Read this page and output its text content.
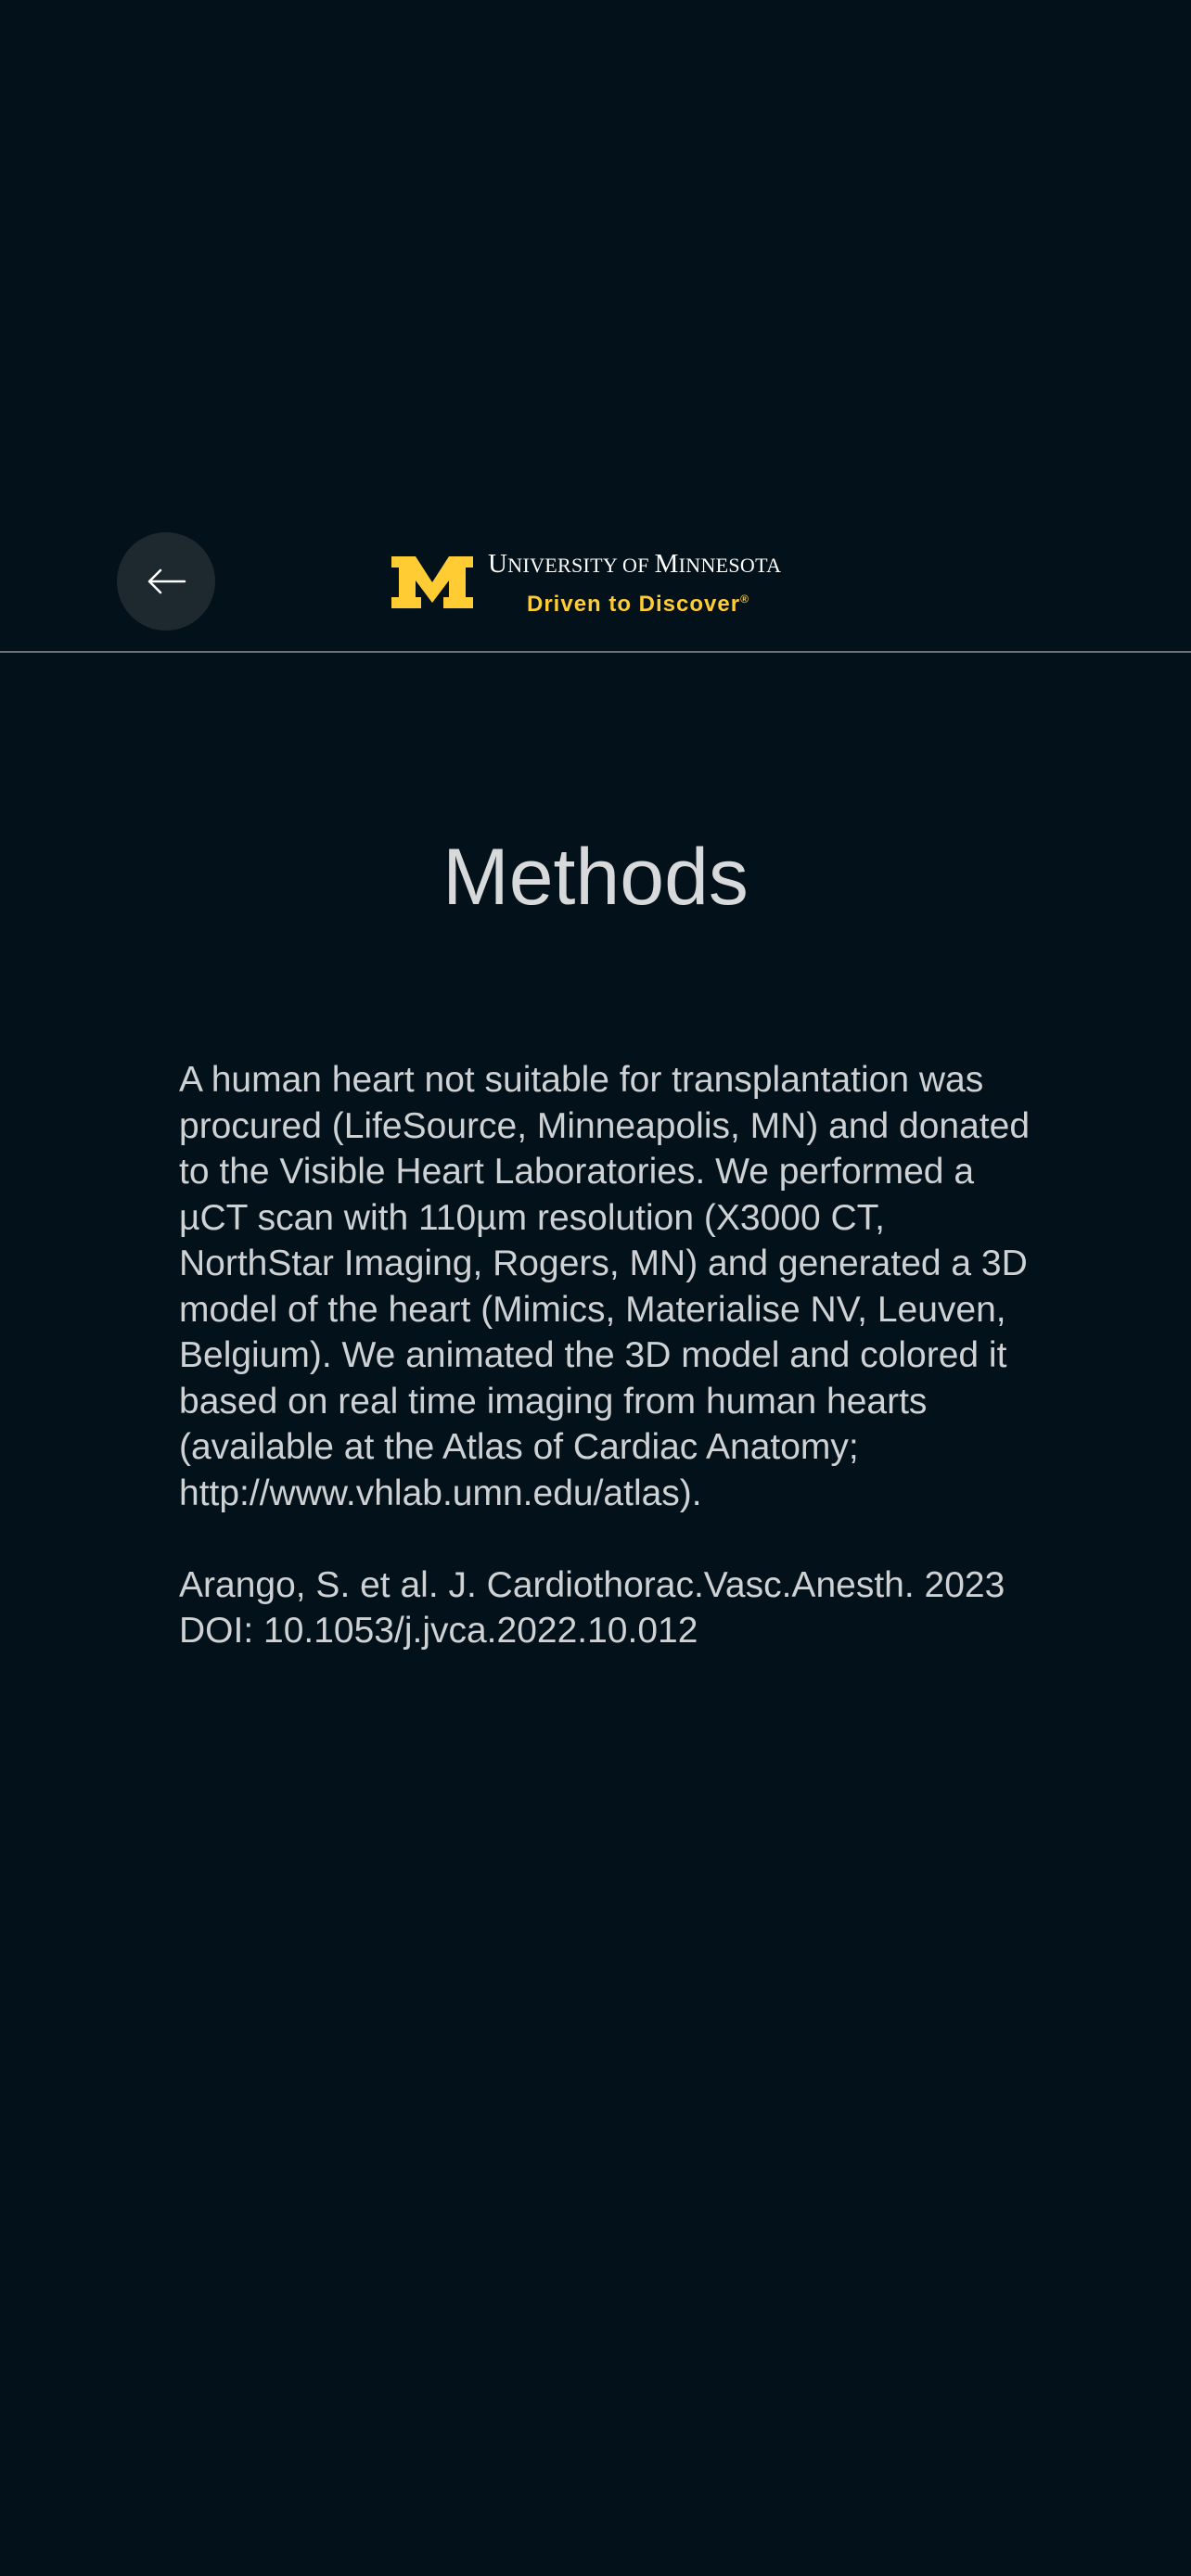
UNIVERSITY OF MINNESOTA
Driven to Discover®
Methods

A human heart not suitable for transplantation was procured (LifeSource, Minneapolis, MN) and donated to the Visible Heart Laboratories. We performed a µCT scan with 110µm resolution (X3000 CT, NorthStar Imaging, Rogers, MN) and generated a 3D model of the heart (Mimics, Materialise NV, Leuven, Belgium). We animated the 3D model and colored it based on real time imaging from human hearts (available at the Atlas of Cardiac Anatomy; http://www.vhlab.umn.edu/atlas).

Arango, S. et al. J. Cardiothorac.Vasc.Anesth. 2023 DOI: 10.1053/j.jvca.2022.10.012
